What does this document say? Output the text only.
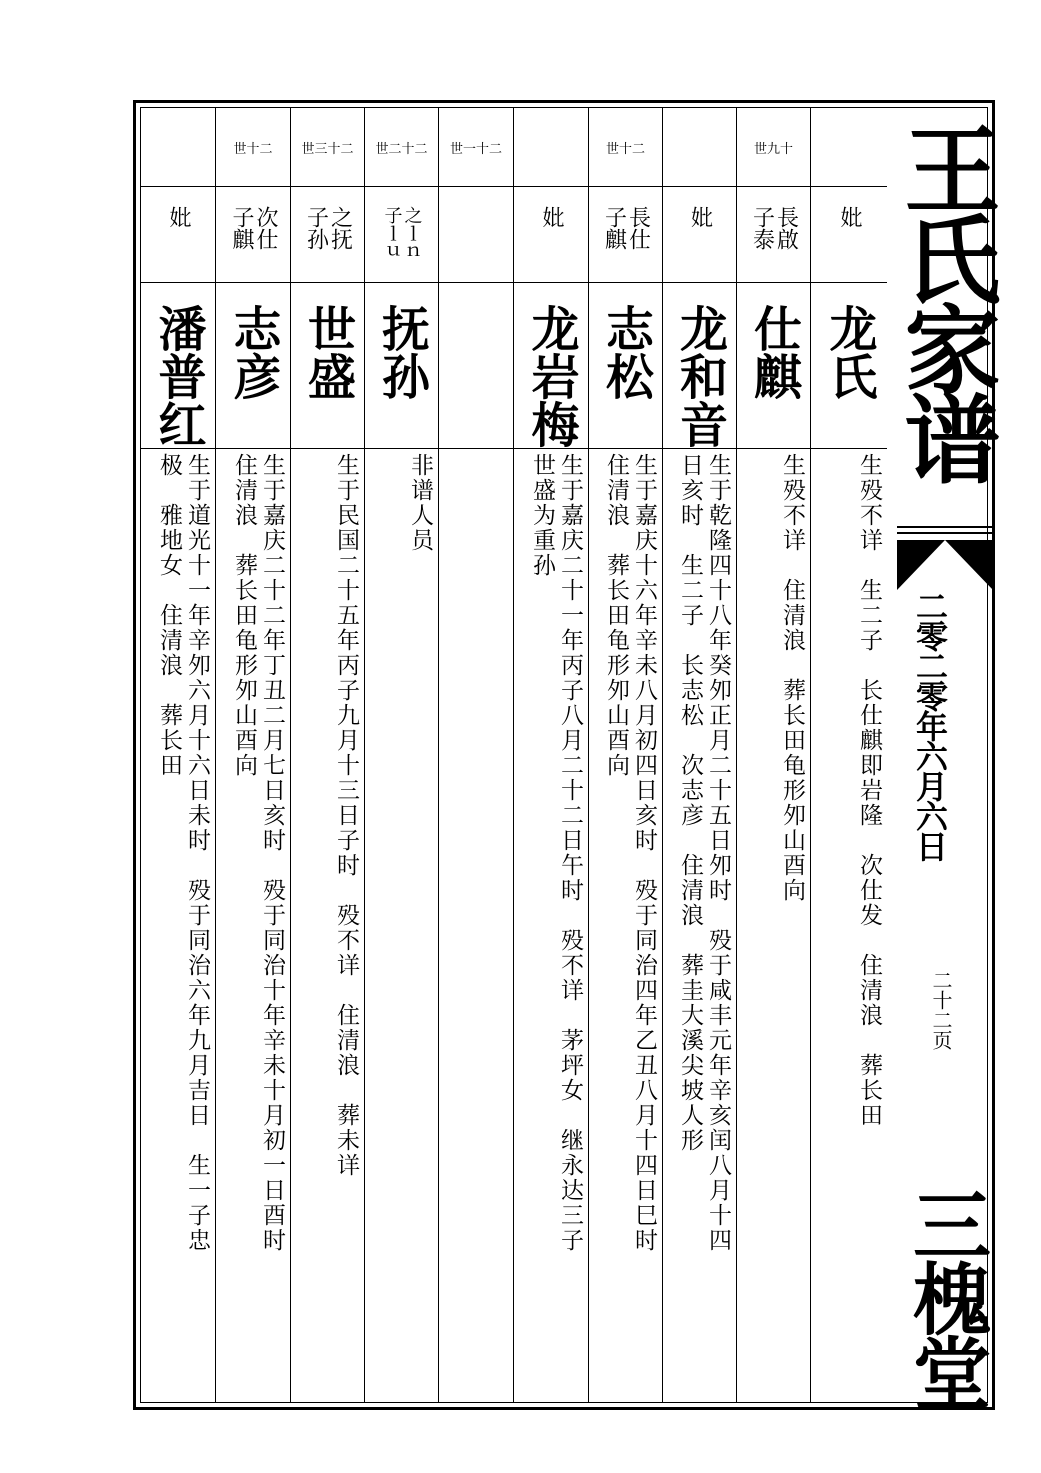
妣
龙氏
生殁不详　生二子　长仕麒即岩隆　次仕发　住清浪　葬长田
世九十
長啟
子泰
仕麒
生殁不详　住清浪　葬长田龟形夘山酉向
妣
龙和音
生于乾隆四十八年癸夘正月二十五日夘时　殁于咸丰元年辛亥闰八月十四
日亥时　生二子　长志松　次志彦　住清浪　葬圭大溪尖坡人形
世十二
長仕
子麒
志松
生于嘉庆十六年辛未八月初四日亥时　殁于同治四年乙丑八月十四日巳时
住清浪　葬长田龟形夘山酉向
妣
龙岩梅
生于嘉庆二十一年丙子八月二十二日午时　殁不详　茅坪女　继永达三子
世盛为重孙
世一十二
世二十二
之ｌｎ
子ｌｕ
抚孙
非谱人员
世三十二
之抚
子孙
世盛
生于民国二十五年丙子九月十三日子时　殁不详　住清浪　葬未详
世十二
次仕
子麒
志彦
生于嘉庆二十二年丁丑二月七日亥时　殁于同治十年辛未十月初一日酉时
住清浪　葬长田龟形夘山酉向
妣
潘普红
生于道光十一年辛夘六月十六日未时　殁于同治六年九月吉日　生一子忠
极　雅地女　住清浪　葬长田
王氏家谱
二零二零年六月六日
二十二页
三槐堂
